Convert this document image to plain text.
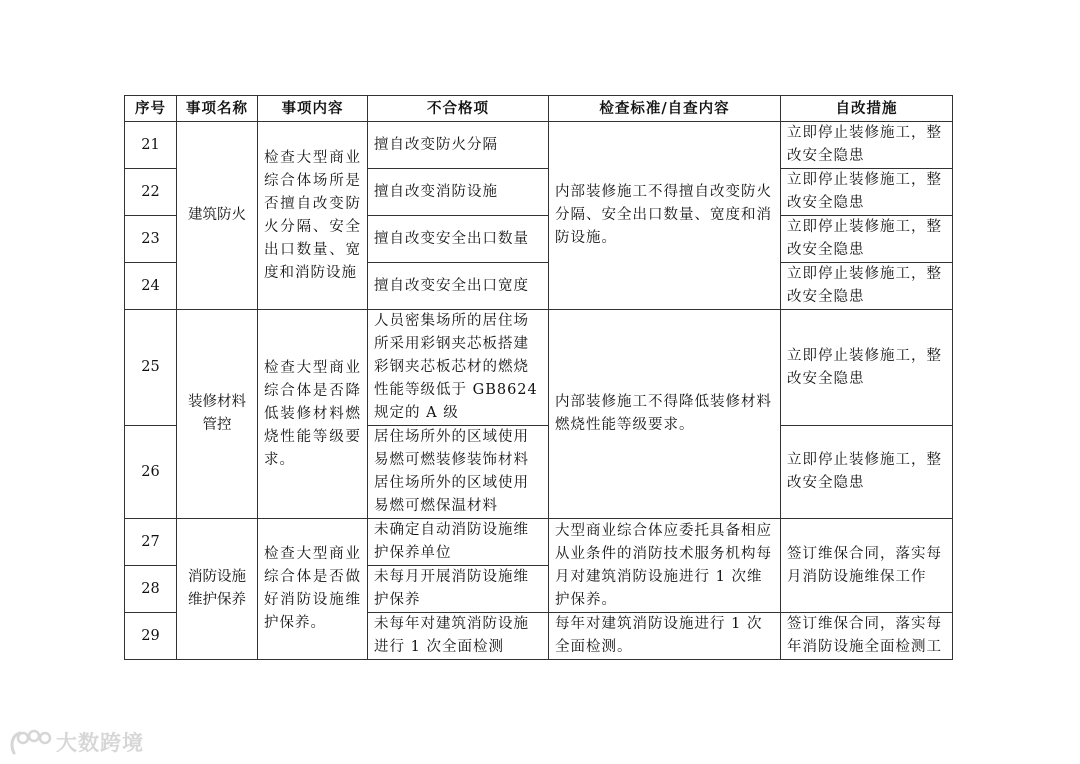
序号	事项名称	事项内容	不合格项	检查标准/自查内容	自改措施
21	建筑防火	检查大型商业综合体场所是否擅自改变防火分隔、安全出口数量、宽度和消防设施	擅自改变防火分隔	内部装修施工不得擅自改变防火分隔、安全出口数量、宽度和消防设施。	立即停止装修施工，整改安全隐患
22			擅自改变消防设施		立即停止装修施工，整改安全隐患
23			擅自改变安全出口数量		立即停止装修施工，整改安全隐患
24			擅自改变安全出口宽度		立即停止装修施工，整改安全隐患
25	装修材料管控	检查大型商业综合体是否降低装修材料燃烧性能等级要求。	人员密集场所的居住场所采用彩钢夹芯板搭建彩钢夹芯板芯材的燃烧性能等级低于 GB8624 规定的 A 级	内部装修施工不得降低装修材料燃烧性能等级要求。	立即停止装修施工，整改安全隐患
26			居住场所外的区域使用易燃可燃装修装饰材料居住场所外的区域使用易燃可燃保温材料		立即停止装修施工，整改安全隐患
27	消防设施维护保养	检查大型商业综合体是否做好消防设施维护保养。	未确定自动消防设施维护保养单位	大型商业综合体应委托具备相应从业条件的消防技术服务机构每月对建筑消防设施进行 1 次维护保养。	签订维保合同，落实每月消防设施维保工作
28			未每月开展消防设施维护保养		
29			未每年对建筑消防设施进行 1 次全面检测	每年对建筑消防设施进行 1 次全面检测。	签订维保合同，落实每年消防设施全面检测工
大数跨境
